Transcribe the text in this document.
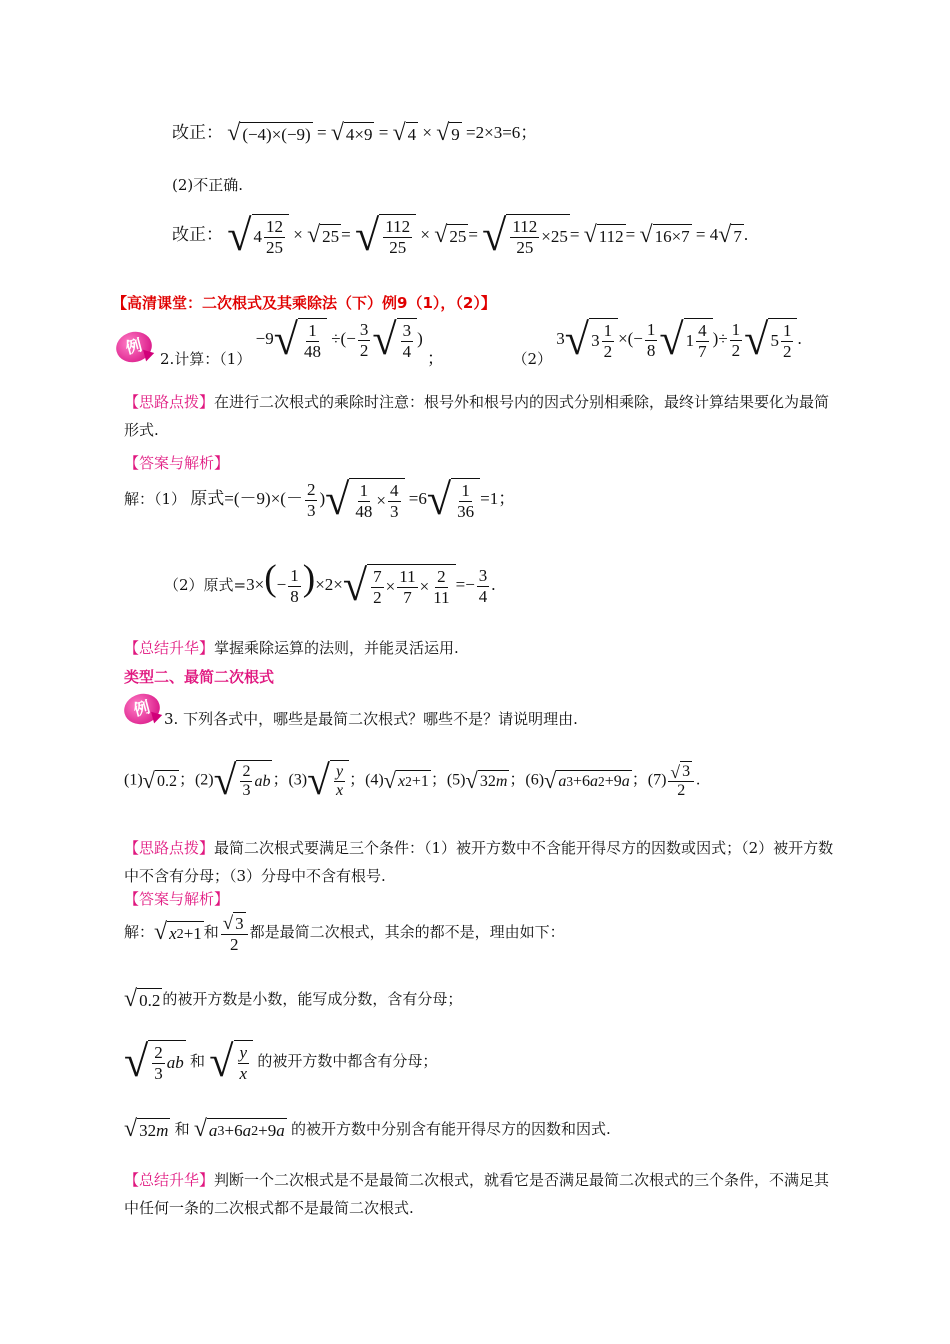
改正： √ (−4)×(−9) = √ 4×9 = √ 4 × √ 9 =2×3=6；
(2)不正确.
改正： √ 4
12
25
× √ 25 = √ 112
25
× √ 25 = √ 112
25
×25 = √ 112 = √ 16×7 = 4 √ 7 .
【高清课堂：二次根式及其乘除法（下）例9（1），（2）】
例
2.计算：（1） −9 √ 1
48
÷(− $\frac{3}{2}$ √ 3
4
) ；	（2） 3 √ 3
1
2
×(− $\frac{1}{8}$ √ 1
4
7
)÷ $\frac{1}{2}$ √ 5
1
2
.
【思路点拨】在进行二次根式的乘除时注意：根号外和根号内的因式分别相乘除，最终计算结果要化为最简形式.
【答案与解析】
解：（1） 原式$=(-9)\times(- \frac{2}{3}$ ) √ 1
48
×
4
3
=6 √ 1
36
=1；
（2）原式$=3\times(- \frac{1}{8} )\times 2\times$ √ 7
2
×
11
7
×
2
11
=− $\frac{3}{4}$ .
【总结升华】掌握乘除运算的法则，并能灵活运用.
类型二、最简二次根式
例 3. 下列各式中，哪些是最简二次根式？哪些不是？请说明理由.
(1) √ 0.2 ；(2) √ 2
3
ab ；(3) √ y
x
；(4) √ x 2 +1 ；(5) √ 32 m ；(6) √ a 3 +6 a 2 +9 a ；$(7) \frac{√ 3}{2}$ .
【思路点拨】最简二次根式要满足三个条件：（1）被开方数中不含能开得尽方的因数或因式；（2）被开方数中不含有分母；（3）分母中不含有根号.
【答案与解析】
解： √ x 2 +1 和 $\frac{√ 3}{2}$ 都是最简二次根式，其余的都不是，理由如下：
√ 0.2 的被开方数是小数，能写成分数，含有分母；
√ 2
3
ab 和 √ y
x
的被开方数中都含有分母；
√ 32 m 和 √ a 3 +6 a 2 +9 a 的被开方数中分别含有能开得尽方的因数和因式.
【总结升华】判断一个二次根式是不是最简二次根式，就看它是否满足最简二次根式的三个条件，不满足其中任何一条的二次根式都不是最简二次根式.
